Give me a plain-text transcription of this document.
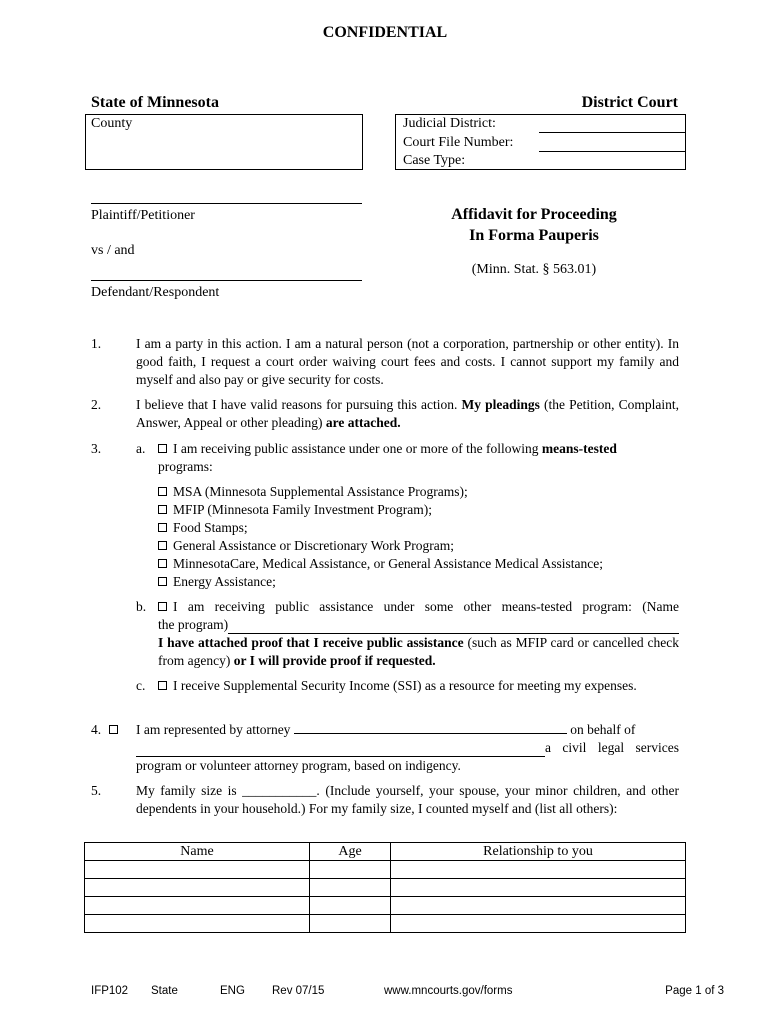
CONFIDENTIAL
State of Minnesota	District Court
County	Judicial District:
Court File Number:
Case Type:
Plaintiff/Petitioner
vs / and
Defendant/Respondent
Affidavit for Proceeding
In Forma Pauperis
(Minn. Stat. § 563.01)
1.	I am a party in this action. I am a natural person (not a corporation, partnership or other entity). In good faith, I request a court order waiving court fees and costs. I cannot support my family and myself and also pay or give security for costs.
2.	I believe that I have valid reasons for pursuing this action. My pleadings (the Petition, Complaint, Answer, Appeal or other pleading) are attached.
3.	a.	I am receiving public assistance under one or more of the following means-tested
programs:
MSA (Minnesota Supplemental Assistance Programs);
MFIP (Minnesota Family Investment Program);
Food Stamps;
General Assistance or Discretionary Work Program;
MinnesotaCare, Medical Assistance, or General Assistance Medical Assistance;
Energy Assistance;
b.	I am receiving public assistance under some other means-tested program: (Name
the program)
I have attached proof that I receive public assistance (such as MFIP card or cancelled check from agency) or I will provide proof if requested.
c.	I receive Supplemental Security Income (SSI) as a resource for meeting my expenses.
4.	I am represented by attorney	on behalf of
a civil legal services
program or volunteer attorney program, based on indigency.
5.	My family size is ___________. (Include yourself, your spouse, your minor children, and other dependents in your household.) For my family size, I counted myself and (list all others):
Name	Age	Relationship to you

IFP102 State	ENG Rev 07/15	www.mncourts.gov/forms	Page 1 of 3
